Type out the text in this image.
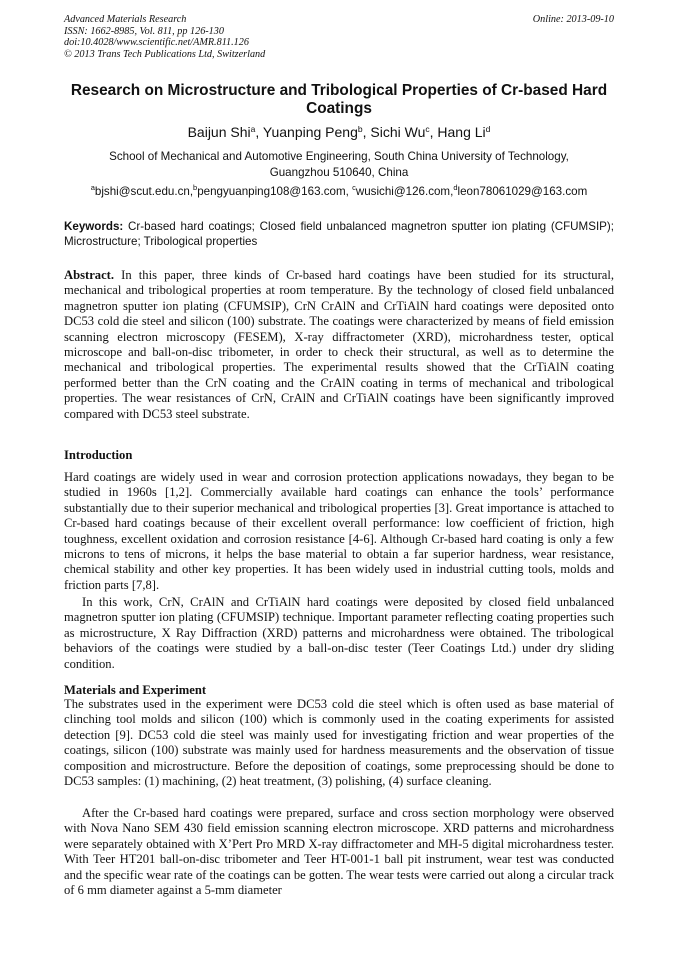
Advanced Materials Research
ISSN: 1662-8985, Vol. 811, pp 126-130
doi:10.4028/www.scientific.net/AMR.811.126
© 2013 Trans Tech Publications Ltd, Switzerland
Online: 2013-09-10
Research on Microstructure and Tribological Properties of Cr-based Hard Coatings
Baijun Shi$^a$, Yuanping Peng$^b$, Sichi Wu$^c$, Hang Li$^d$
School of Mechanical and Automotive Engineering, South China University of Technology,
Guangzhou 510640, China
$^a$bjshi@scut.edu.cn,$^b$pengyuanping108@163.com, $^c$wusichi@126.com,$^d$leon78061029@163.com
Keywords: Cr-based hard coatings; Closed field unbalanced magnetron sputter ion plating (CFUMSIP); Microstructure; Tribological properties

Abstract. In this paper, three kinds of Cr-based hard coatings have been studied for its structural, mechanical and tribological properties at room temperature. By the technology of closed field unbalanced magnetron sputter ion plating (CFUMSIP), CrN CrAlN and CrTiAlN hard coatings were deposited onto DC53 cold die steel and silicon (100) substrate. The coatings were characterized by means of field emission scanning electron microscopy (FESEM), X-ray diffractometer (XRD), microhardness tester, optical microscope and ball-on-disc tribometer, in order to check their structural, as well as to determine the mechanical and tribological properties. The experimental results showed that the CrTiAlN coating performed better than the CrN coating and the CrAlN coating in terms of mechanical and tribological properties. The wear resistances of CrN, CrAlN and CrTiAlN coatings have been significantly improved compared with DC53 steel substrate.

Introduction

Hard coatings are widely used in wear and corrosion protection applications nowadays, they began to be studied in 1960s [1,2]. Commercially available hard coatings can enhance the tools’ performance substantially due to their superior mechanical and tribological properties [3]. Great importance is attached to Cr-based hard coatings because of their excellent overall performance: low coefficient of friction, high toughness, excellent oxidation and corrosion resistance [4-6]. Although Cr-based hard coating is only a few microns to tens of microns, it helps the base material to obtain a far superior hardness, wear resistance, chemical stability and other key properties. It has been widely used in industrial cutting tools, molds and friction parts [7,8].

In this work, CrN, CrAlN and CrTiAlN hard coatings were deposited by closed field unbalanced magnetron sputter ion plating (CFUMSIP) technique. Important parameter reflecting coating properties such as microstructure, X Ray Diffraction (XRD) patterns and microhardness were obtained. The tribological behaviors of the coatings were studied by a ball-on-disc tester (Teer Coatings Ltd.) under dry sliding condition.

Materials and Experiment

The substrates used in the experiment were DC53 cold die steel which is often used as base material of clinching tool molds and silicon (100) which is commonly used in the coating experiments for assisted detection [9]. DC53 cold die steel was mainly used for investigating friction and wear properties of the coatings, silicon (100) substrate was mainly used for hardness measurements and the observation of tissue composition and microstructure. Before the deposition of coatings, some preprocessing should be done to DC53 samples: (1) machining, (2) heat treatment, (3) polishing, (4) surface cleaning.

After the Cr-based hard coatings were prepared, surface and cross section morphology were observed with Nova Nano SEM 430 field emission scanning electron microscope. XRD patterns and microhardness were separately obtained with X’Pert Pro MRD X-ray diffractometer and MH-5 digital microhardness tester. With Teer HT201 ball-on-disc tribometer and Teer HT-001-1 ball pit instrument, wear test was conducted and the specific wear rate of the coatings can be gotten. The wear tests were carried out along a circular track of 6 mm diameter against a 5-mm diameter
